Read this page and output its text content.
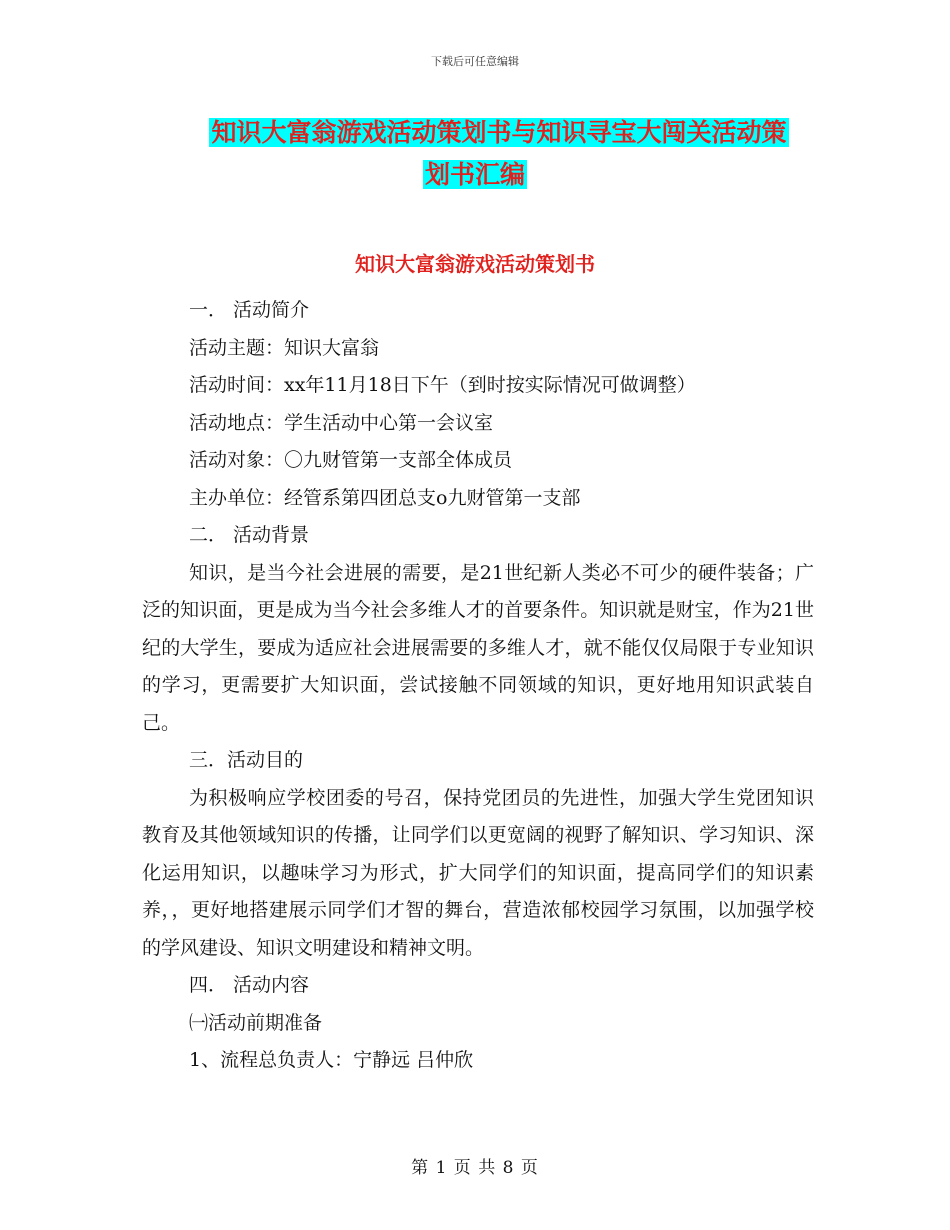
下载后可任意编辑
知识大富翁游戏活动策划书与知识寻宝大闯关活动策
划书汇编
知识大富翁游戏活动策划书

一． 活动简介

活动主题：知识大富翁

活动时间：xx年11月18日下午（到时按实际情况可做调整）

活动地点：学生活动中心第一会议室

活动对象：〇九财管第一支部全体成员

主办单位：经管系第四团总支o九财管第一支部

二． 活动背景

知识，是当今社会进展的需要，是21世纪新人类必不可少的硬件装备；广泛的知识面，更是成为当今社会多维人才的首要条件。知识就是财宝，作为21世纪的大学生，要成为适应社会进展需要的多维人才，就不能仅仅局限于专业知识的学习，更需要扩大知识面，尝试接触不同领域的知识，更好地用知识武装自己。

三．活动目的

为积极响应学校团委的号召，保持党团员的先进性，加强大学生党团知识教育及其他领域知识的传播，让同学们以更宽阔的视野了解知识、学习知识、深化运用知识，以趣味学习为形式，扩大同学们的知识面，提高同学们的知识素养，，更好地搭建展示同学们才智的舞台，营造浓郁校园学习氛围，以加强学校的学风建设、知识文明建设和精神文明。

四． 活动内容

㈠活动前期准备

1、流程总负责人：宁静远 吕仲欣

第 1 页 共 8 页
